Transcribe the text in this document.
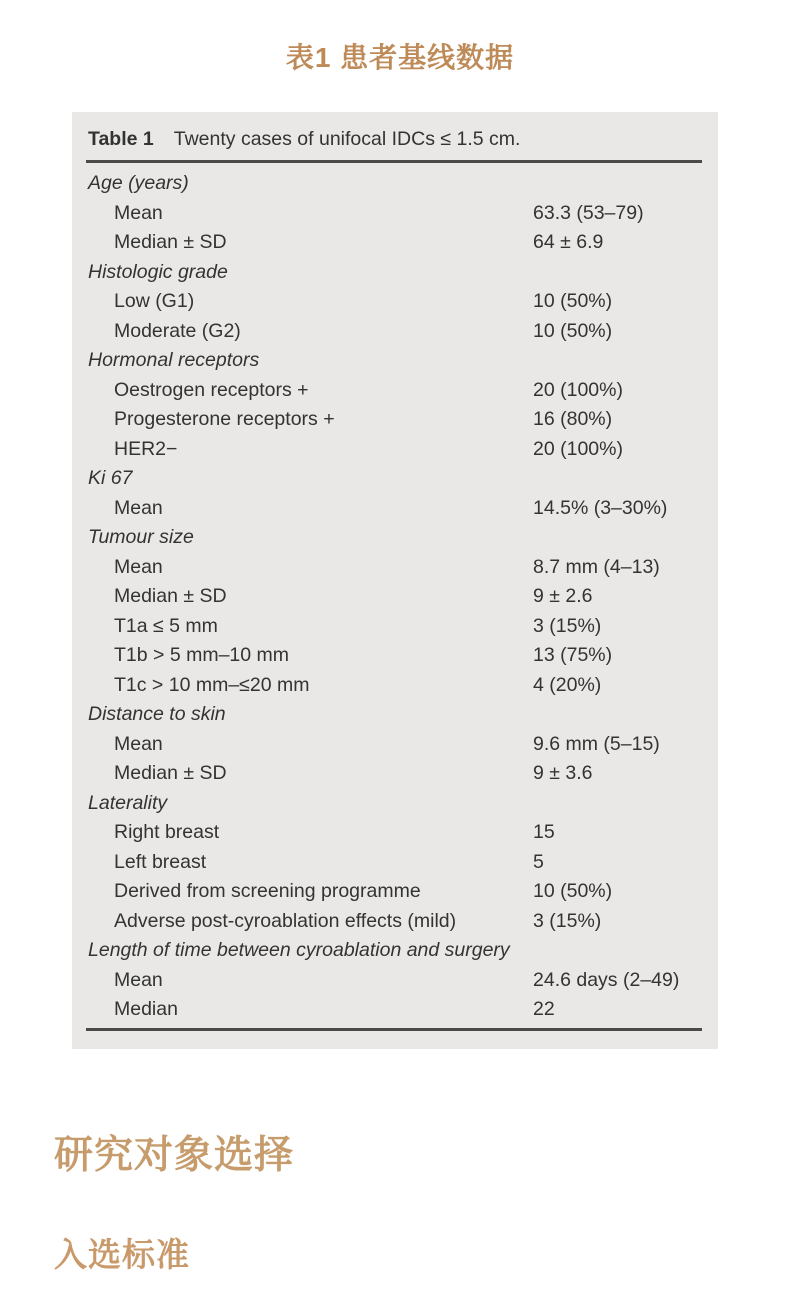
表1 患者基线数据
Table 1 Twenty cases of unifocal IDCs ≤ 1.5 cm.
Age (years)
Mean	63.3 (53–79)
Median ± SD	64 ± 6.9
Histologic grade
Low (G1)	10 (50%)
Moderate (G2)	10 (50%)
Hormonal receptors
Oestrogen receptors +	20 (100%)
Progesterone receptors +	16 (80%)
HER2−	20 (100%)
Ki 67
Mean	14.5% (3–30%)
Tumour size
Mean	8.7 mm (4–13)
Median ± SD	9 ± 2.6
T1a ≤ 5 mm	3 (15%)
T1b > 5 mm–10 mm	13 (75%)
T1c > 10 mm–≤20 mm	4 (20%)
Distance to skin
Mean	9.6 mm (5–15)
Median ± SD	9 ± 3.6
Laterality
Right breast	15
Left breast	5
Derived from screening programme	10 (50%)
Adverse post-cyroablation effects (mild)	3 (15%)
Length of time between cyroablation and surgery
Mean	24.6 days (2–49)
Median	22
研究对象选择
入选标准
